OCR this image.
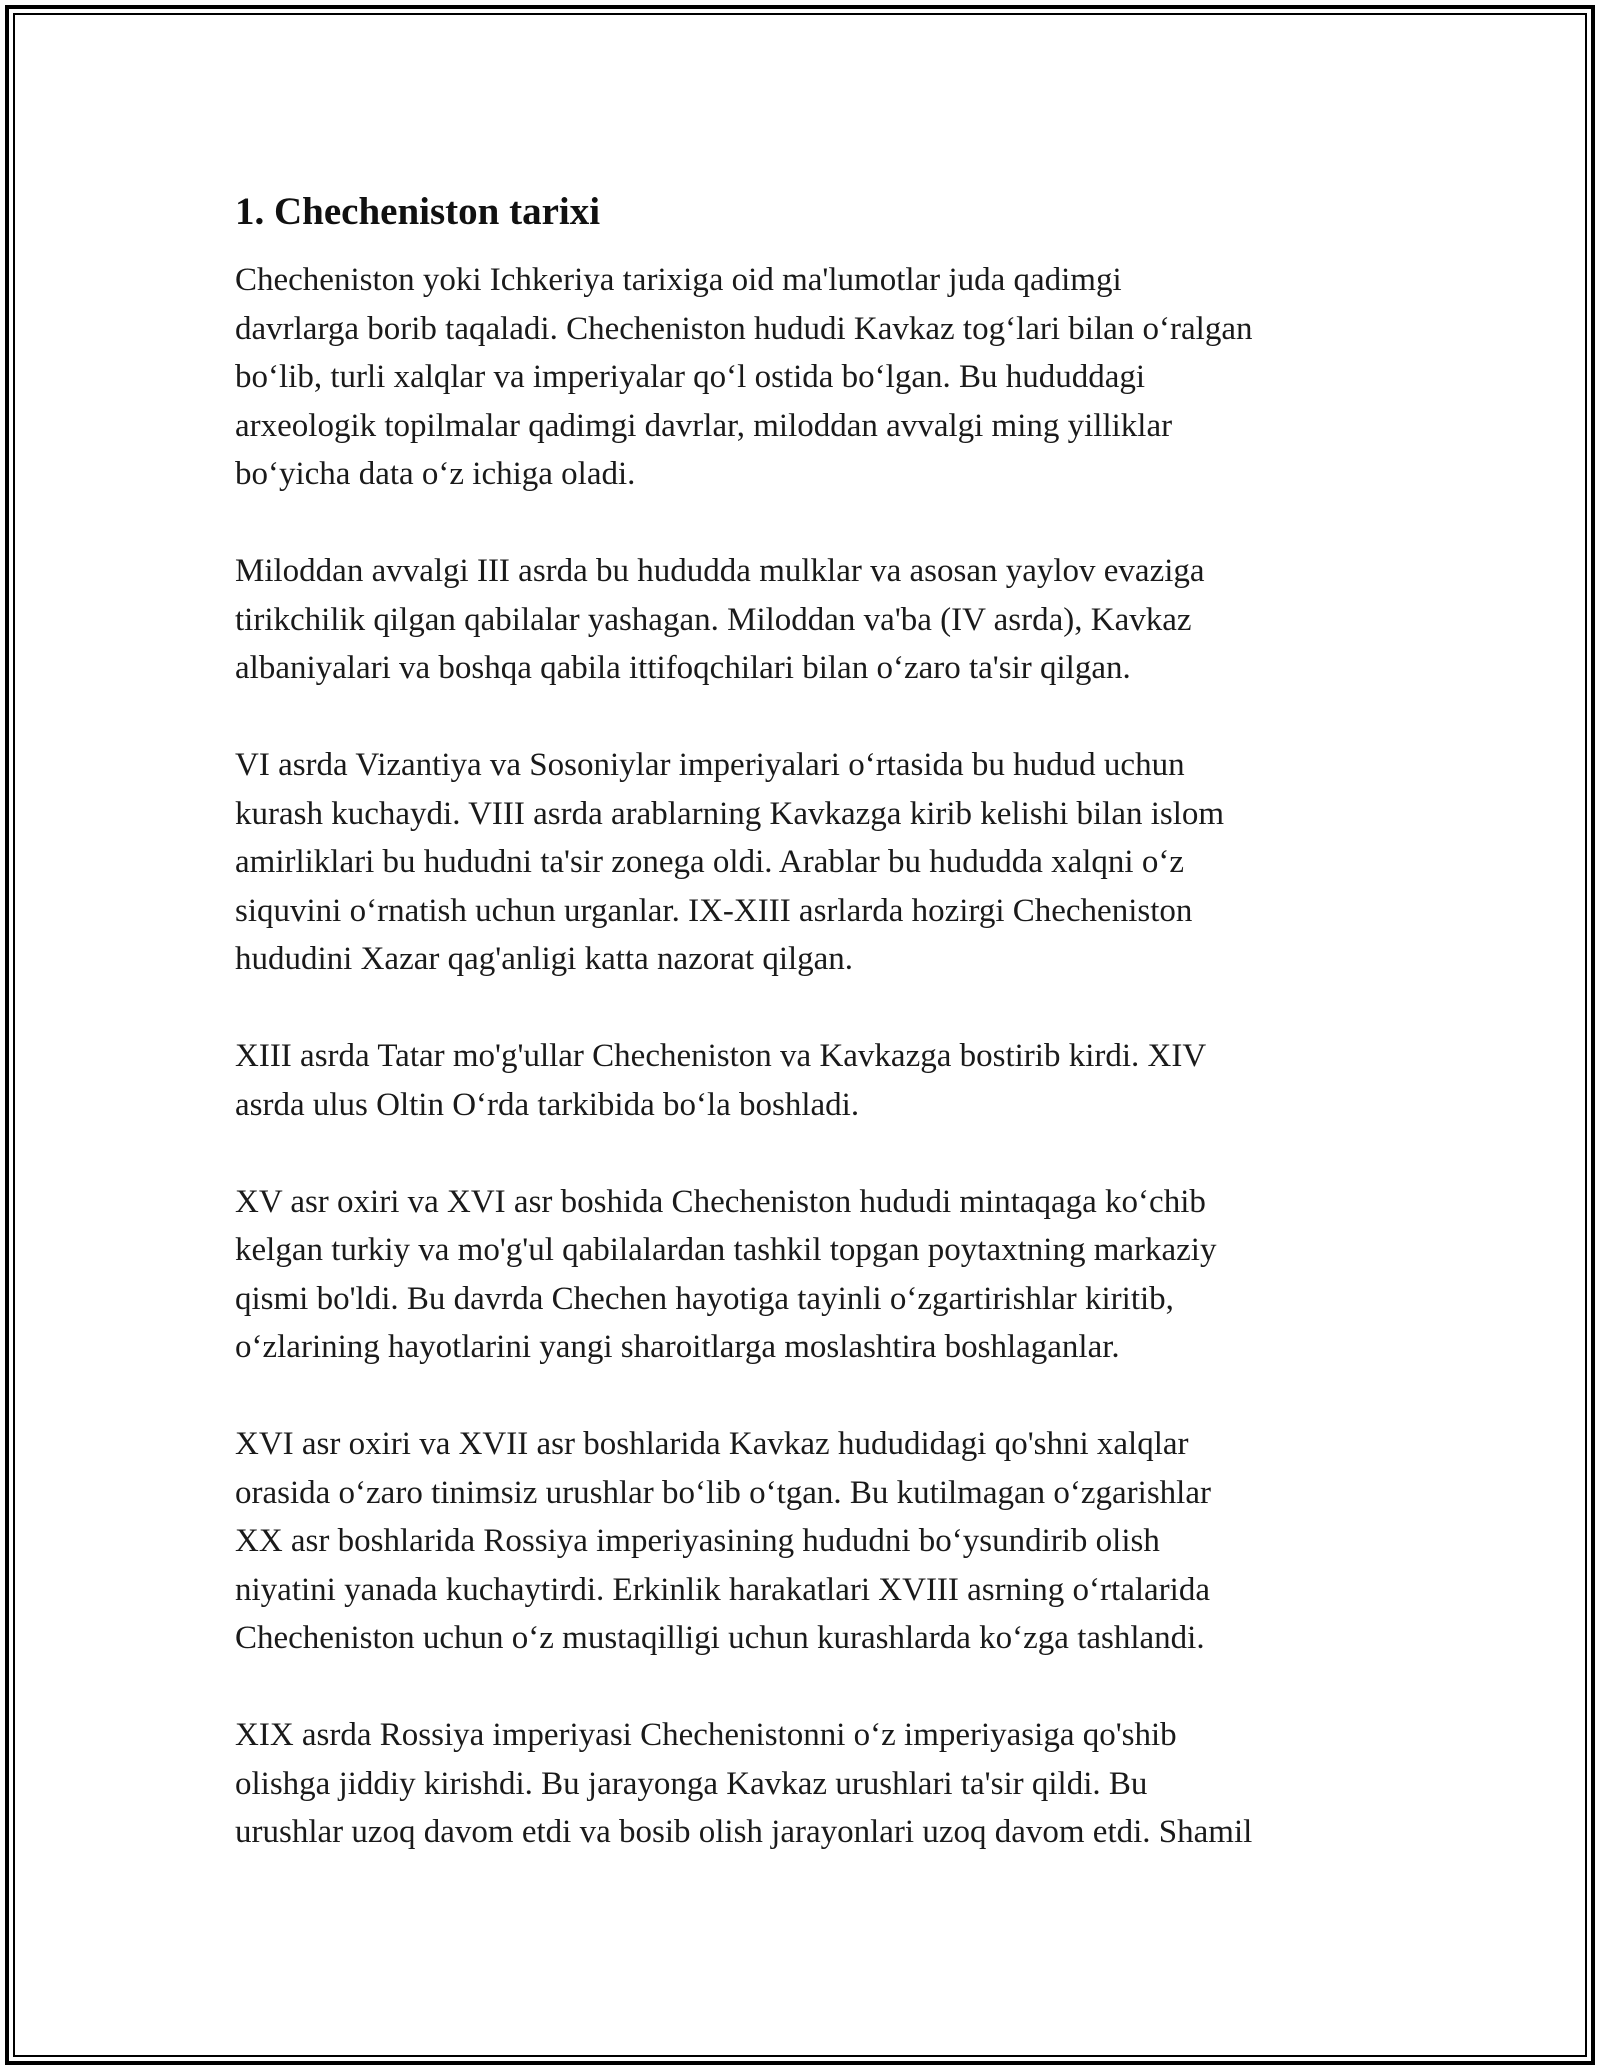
1. Checheniston tarixi

Checheniston yoki Ichkeriya tarixiga oid ma'lumotlar juda qadimgi
davrlarga borib taqaladi. Checheniston hududi Kavkaz tog‘lari bilan o‘ralgan
bo‘lib, turli xalqlar va imperiyalar qo‘l ostida bo‘lgan. Bu hududdagi
arxeologik topilmalar qadimgi davrlar, miloddan avvalgi ming yilliklar
bo‘yicha data o‘z ichiga oladi.

Miloddan avvalgi III asrda bu hududda mulklar va asosan yaylov evaziga
tirikchilik qilgan qabilalar yashagan. Miloddan va'ba (IV asrda), Kavkaz
albaniyalari va boshqa qabila ittifoqchilari bilan o‘zaro ta'sir qilgan.

VI asrda Vizantiya va Sosoniylar imperiyalari o‘rtasida bu hudud uchun
kurash kuchaydi. VIII asrda arablarning Kavkazga kirib kelishi bilan islom
amirliklari bu hududni ta'sir zonega oldi. Arablar bu hududda xalqni o‘z
siquvini o‘rnatish uchun urganlar. IX-XIII asrlarda hozirgi Checheniston
hududini Xazar qag'anligi katta nazorat qilgan.

XIII asrda Tatar mo'g'ullar Checheniston va Kavkazga bostirib kirdi. XIV
asrda ulus Oltin O‘rda tarkibida bo‘la boshladi.

XV asr oxiri va XVI asr boshida Checheniston hududi mintaqaga ko‘chib
kelgan turkiy va mo'g'ul qabilalardan tashkil topgan poytaxtning markaziy
qismi bo'ldi. Bu davrda Chechen hayotiga tayinli o‘zgartirishlar kiritib,
o‘zlarining hayotlarini yangi sharoitlarga moslashtira boshlaganlar.

XVI asr oxiri va XVII asr boshlarida Kavkaz hududidagi qo'shni xalqlar
orasida o‘zaro tinimsiz urushlar bo‘lib o‘tgan. Bu kutilmagan o‘zgarishlar
XX asr boshlarida Rossiya imperiyasining hududni bo‘ysundirib olish
niyatini yanada kuchaytirdi. Erkinlik harakatlari XVIII asrning o‘rtalarida
Checheniston uchun o‘z mustaqilligi uchun kurashlarda ko‘zga tashlandi.

XIX asrda Rossiya imperiyasi Chechenistonni o‘z imperiyasiga qo'shib
olishga jiddiy kirishdi. Bu jarayonga Kavkaz urushlari ta'sir qildi. Bu
urushlar uzoq davom etdi va bosib olish jarayonlari uzoq davom etdi. Shamil
